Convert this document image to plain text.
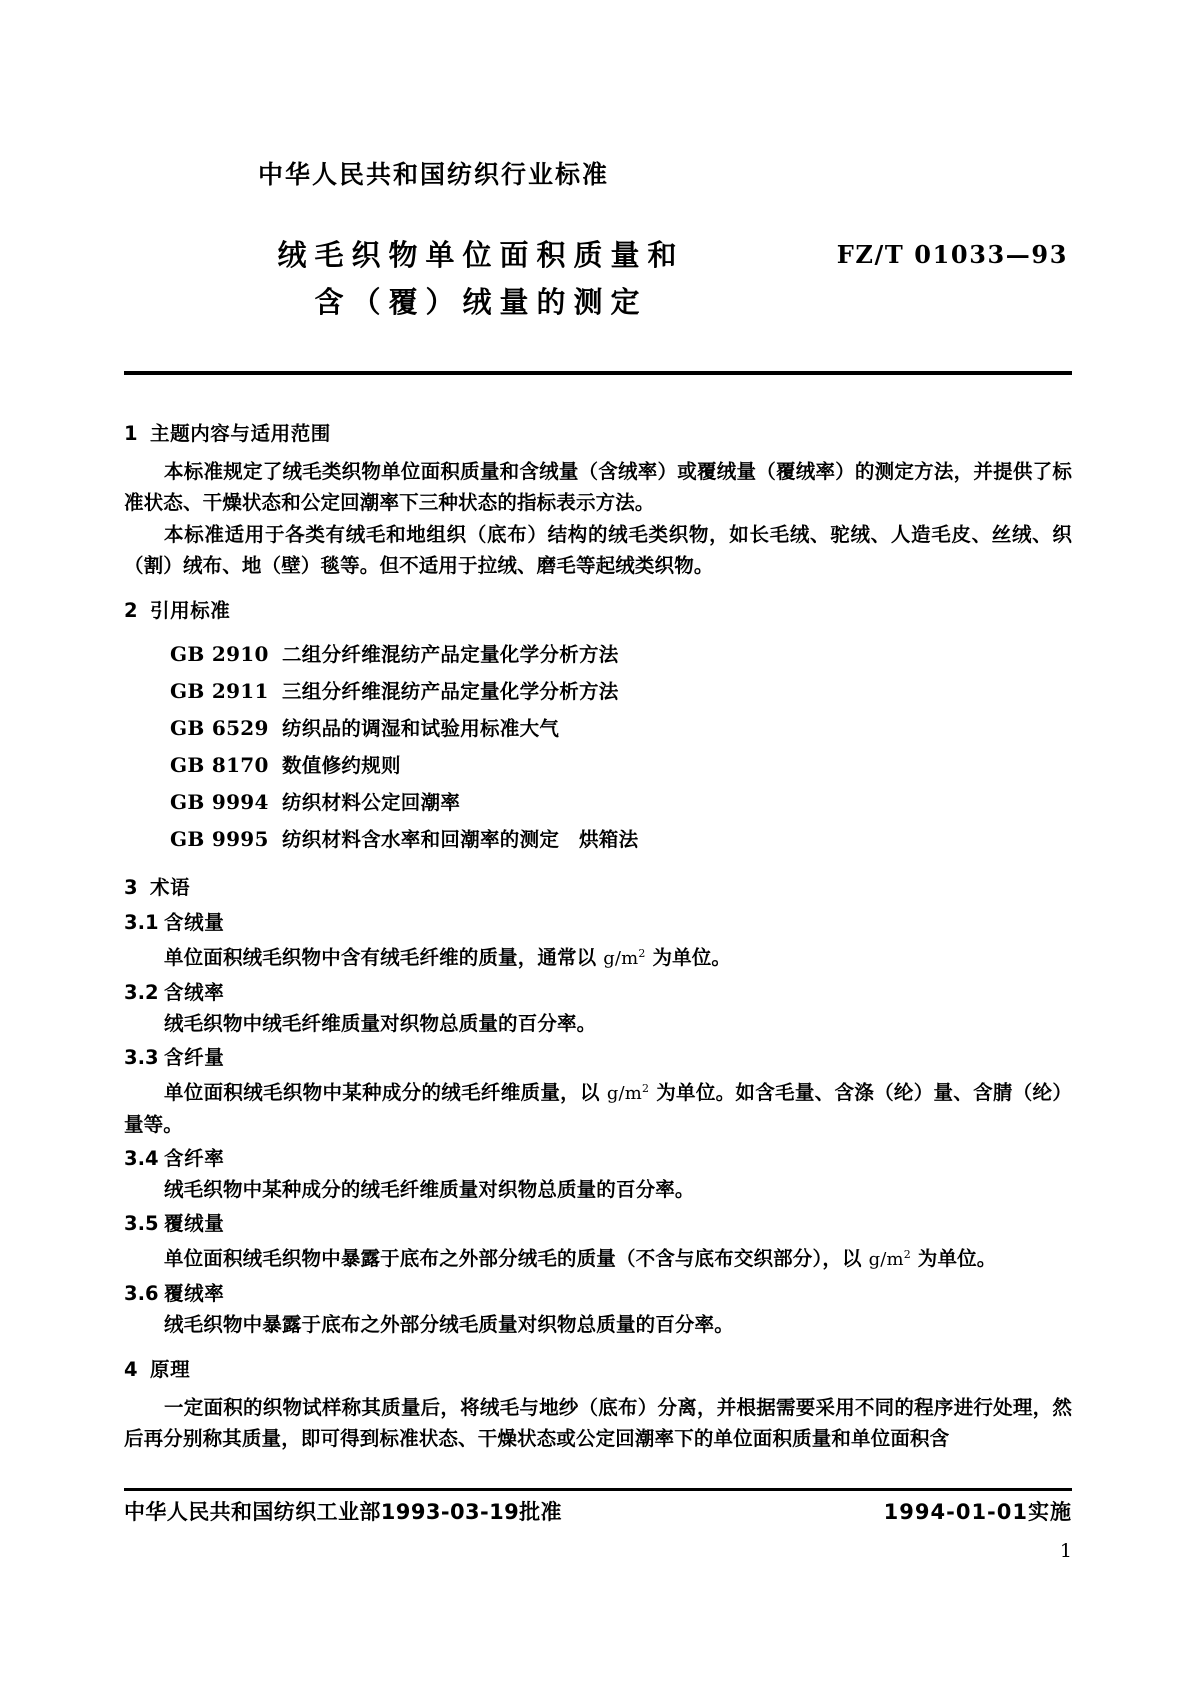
中华人民共和国纺织行业标准
绒毛织物单位面积质量和
含（覆）绒量的测定
FZ/T 01033—93
1 主题内容与适用范围

本标准规定了绒毛类织物单位面积质量和含绒量（含绒率）或覆绒量（覆绒率）的测定方法，并提供了标准状态、干燥状态和公定回潮率下三种状态的指标表示方法。

本标准适用于各类有绒毛和地组织（底布）结构的绒毛类织物，如长毛绒、驼绒、人造毛皮、丝绒、织（割）绒布、地（壁）毯等。但不适用于拉绒、磨毛等起绒类织物。

2 引用标准
GB 2910 二组分纤维混纺产品定量化学分析方法
GB 2911 三组分纤维混纺产品定量化学分析方法
GB 6529 纺织品的调湿和试验用标准大气
GB 8170 数值修约规则
GB 9994 纺织材料公定回潮率
GB 9995 纺织材料含水率和回潮率的测定　烘箱法
3 术语
3.1 含绒量

单位面积绒毛织物中含有绒毛纤维的质量，通常以 $g/m^2$ 为单位。

3.2 含绒率

绒毛织物中绒毛纤维质量对织物总质量的百分率。

3.3 含纤量

单位面积绒毛织物中某种成分的绒毛纤维质量，以 $g/m^2$ 为单位。如含毛量、含涤（纶）量、含腈（纶）量等。

3.4 含纤率

绒毛织物中某种成分的绒毛纤维质量对织物总质量的百分率。

3.5 覆绒量

单位面积绒毛织物中暴露于底布之外部分绒毛的质量（不含与底布交织部分），以 $g/m^2$ 为单位。

3.6 覆绒率

绒毛织物中暴露于底布之外部分绒毛质量对织物总质量的百分率。

4 原理

一定面积的织物试样称其质量后，将绒毛与地纱（底布）分离，并根据需要采用不同的程序进行处理，然后再分别称其质量，即可得到标准状态、干燥状态或公定回潮率下的单位面积质量和单位面积含

中华人民共和国纺织工业部1993-03-19批准	1994-01-01实施
1
